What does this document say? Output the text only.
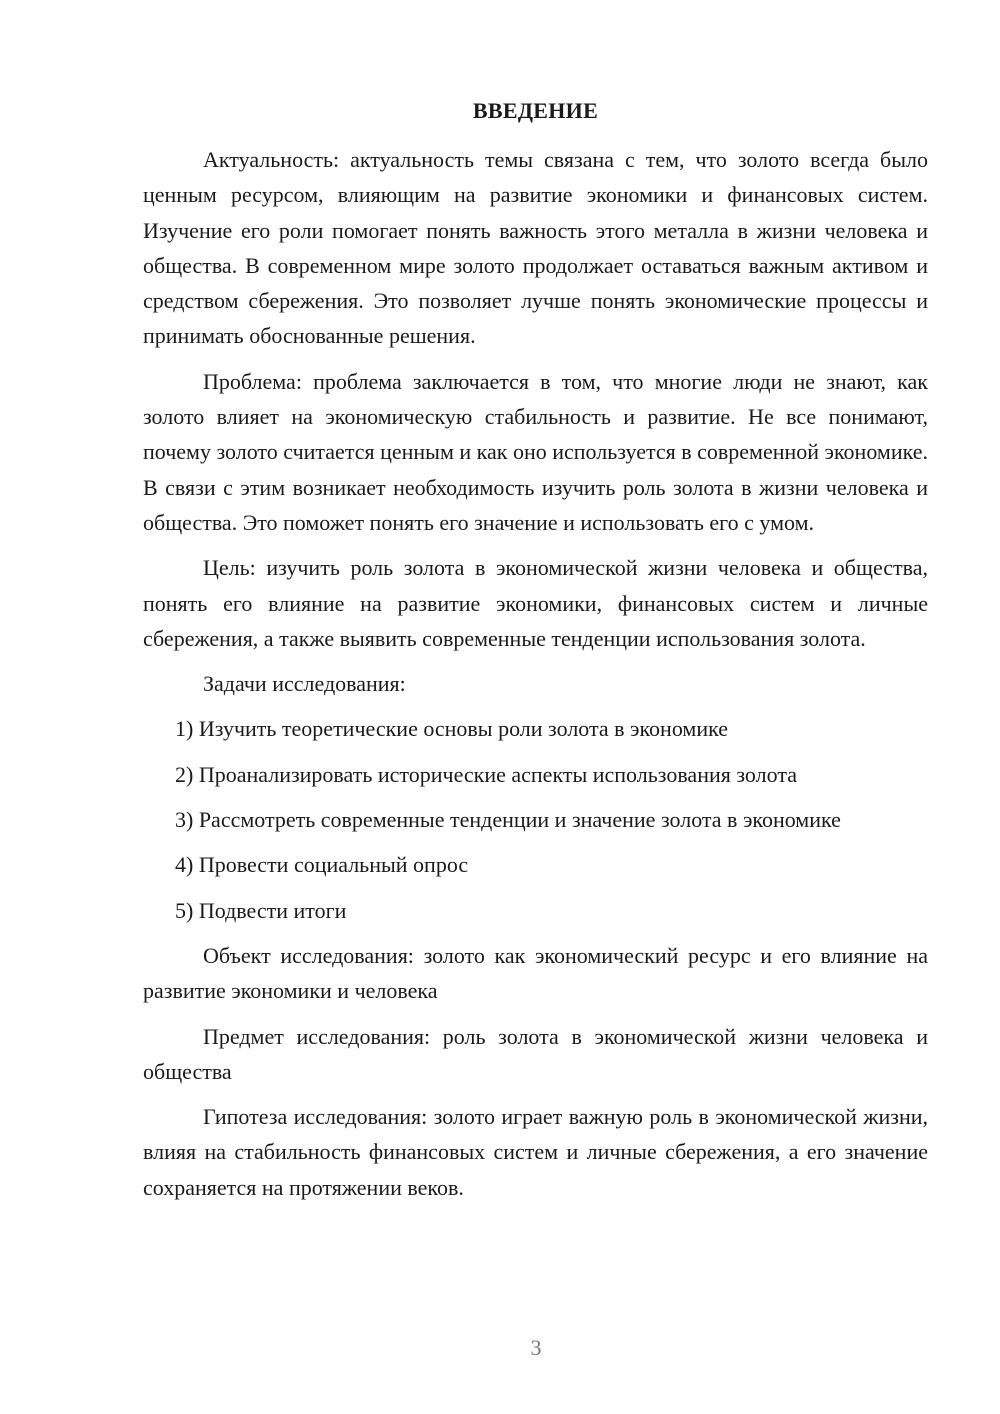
ВВЕДЕНИЕ

Актуальность: актуальность темы связана с тем, что золото всегда было ценным ресурсом, влияющим на развитие экономики и финансовых систем. Изучение его роли помогает понять важность этого металла в жизни человека и общества. В современном мире золото продолжает оставаться важным активом и средством сбережения. Это позволяет лучше понять экономические процессы и принимать обоснованные решения.

Проблема: проблема заключается в том, что многие люди не знают, как золото влияет на экономическую стабильность и развитие. Не все понимают, почему золото считается ценным и как оно используется в современной экономике. В связи с этим возникает необходимость изучить роль золота в жизни человека и общества. Это поможет понять его значение и использовать его с умом.

Цель: изучить роль золота в экономической жизни человека и общества, понять его влияние на развитие экономики, финансовых систем и личные сбережения, а также выявить современные тенденции использования золота.

Задачи исследования:

1) Изучить теоретические основы роли золота в экономике

2) Проанализировать исторические аспекты использования золота

3) Рассмотреть современные тенденции и значение золота в экономике

4) Провести социальный опрос

5) Подвести итоги

Объект исследования: золото как экономический ресурс и его влияние на развитие экономики и человека

Предмет исследования: роль золота в экономической жизни человека и общества

Гипотеза исследования: золото играет важную роль в экономической жизни, влияя на стабильность финансовых систем и личные сбережения, а его значение сохраняется на протяжении веков.

3
